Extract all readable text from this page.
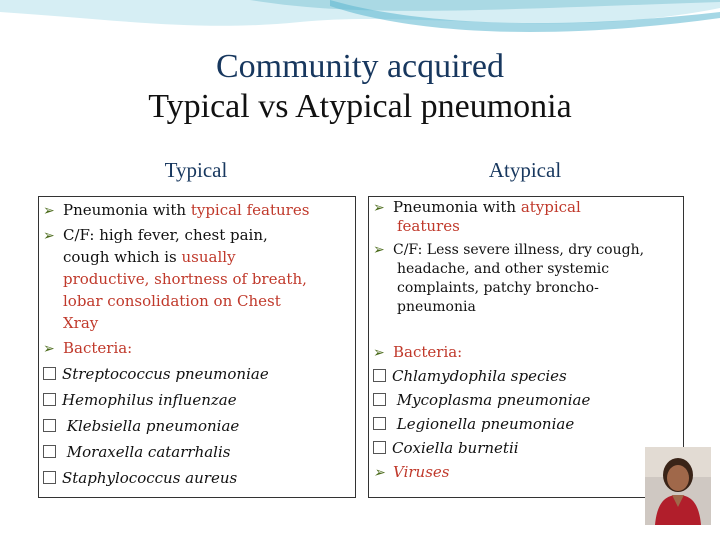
Community acquired
Typical vs Atypical pneumonia
Typical	Atypical
➢ Pneumonia with typical features
➢ C/F: high fever, chest pain,
cough which is usually
productive, shortness of breath,
lobar consolidation on Chest
Xray
➢ Bacteria:
Streptococcus pneumoniae
Hemophilus influenzae
Klebsiella pneumoniae
Moraxella catarrhalis
Staphylococcus aureus
➢ Pneumonia with atypical
features
➢ C/F: Less severe illness, dry cough,
headache, and other systemic
complaints, patchy broncho-
pneumonia
➢ Bacteria:
Chlamydophila species
Mycoplasma pneumoniae
Legionella pneumoniae
Coxiella burnetii
➢ Viruses
